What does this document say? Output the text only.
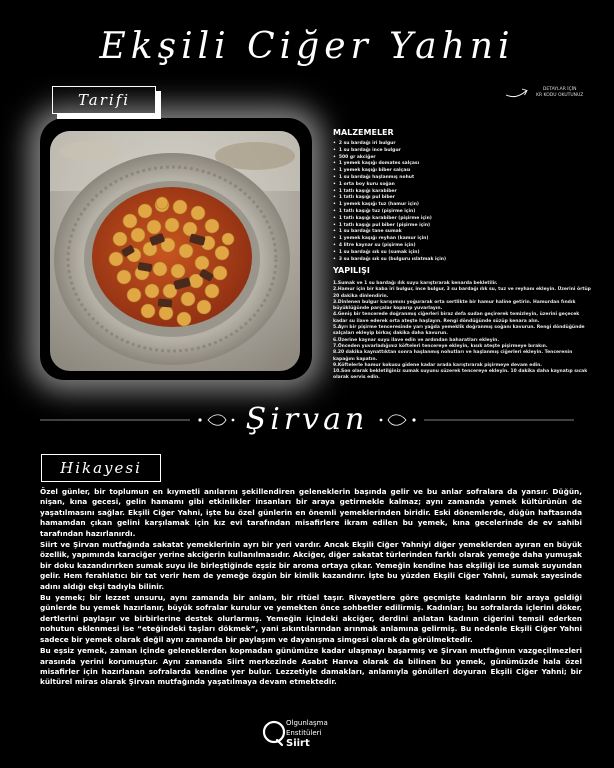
Ekşili Ciğer Yahni
Tarifi
DETAYLAR İÇİN
KR KODU OKUTUNUZ
MALZEMELER
• 2 su bardağı iri bulgur
• 1 su bardağı ince bulgur
• 500 gr akciğer
• 1 yemek kaşığı domates salçası
• 1 yemek kaşığı biber salçası
• 1 su bardağı haşlanmış nohut
• 1 orta boy kuru soğan
• 1 tatlı kaşığı karabiber
• 1 tatlı kaşığı pul biber
• 1 yemek kaşığı tuz (hamur için)
• 1 tatlı kaşığı tuz (pişirme için)
• 1 tatlı kaşığı karabiber (pişirme için)
• 1 tatlı kaşığı pul biber (pişirme için)
• 1 su bardağı tane sumak
• 1 yemek kaşığı reyhan (kamur için)
• 4 litre kaynar su (pişirme için)
• 1 su bardağı sık su (sumak için)
• 3 su bardağı sık su (bulguru ıslatmak için)
YAPILIŞI
1.Sumak ve 1 su bardağı ılık suyu karıştırarak kenarda bekletilir.
2.Hamur için bir kaba iri bulgur, ince bulgur, 3 su bardağı ılık su, tuz ve reyhanı ekleyin. Üzerini örtüp 20 dakika dinlendirin.
3.Dinlenen bulgur karışımını yoğurarak orta sertlikte bir hamur haline getirin. Hamurdan fındık büyüklüğünde parçalar koparıp yuvarlayın.
4.Geniş bir tencerede doğranmış ciğerleri biraz defa sudan geçirerek temizleyin, üzerini geçecek kadar su ilave ederek orta ateşte haşlayın. Rengi döndüğünde süzüp kenara alın.
5.Ayrı bir pişirme tenceresinde yarı yağda yemeklik doğranmış soğanı kavurun. Rengi döndüğünde salçaları ekleyip birkaç dakika daha kavurun.
6.Üzerine kaynar suyu ilave edin ve ardından baharatları ekleyin.
7.Önceden yuvarladığınız köfteleri tencereye ekleyin, kısık ateşte pişirmeye bırakın.
8.20 dakika kaynattıktan sonra haşlanmış nohutları ve haşlanmış ciğerleri ekleyin. Tencerenin kapağını kapatın.
9.Köftelerle hamur kokusu gidene kadar arada karıştırarak pişirmeye devam edin.
10.Son olarak bekletilğiniz sumak suyunu süzerek tencereye ekleyin. 10 dakika daha kaynatıp sıcak olarak servis edin.
Şirvan
Hikayesi

Özel günler, bir toplumun en kıymetli anılarını şekillendiren geleneklerin başında gelir ve bu anlar sofralara da yansır. Düğün, nişan, kına gecesi, gelin hamamı gibi etkinlikler insanları bir araya getirmekle kalmaz; aynı zamanda yemek kültürünün de yaşatılmasını sağlar. Ekşili Ciğer Yahni, işte bu özel günlerin en önemli yemeklerinden biridir. Eski dönemlerde, düğün haftasında hamamdan çıkan gelini karşılamak için kız evi tarafından misafirlere ikram edilen bu yemek, kına gecelerinde de ev sahibi tarafından hazırlanırdı.

Siirt ve Şirvan mutfağında sakatat yemeklerinin ayrı bir yeri vardır. Ancak Ekşili Ciğer Yahniyi diğer yemeklerden ayıran en büyük özellik, yapımında karaciğer yerine akciğerin kullanılmasıdır. Akciğer, diğer sakatat türlerinden farklı olarak yemeğe daha yumuşak bir doku kazandırırken sumak suyu ile birleştiğinde eşsiz bir aroma ortaya çıkar. Yemeğin kendine has ekşiliği ise sumak suyundan gelir. Hem ferahlatıcı bir tat verir hem de yemeğe özgün bir kimlik kazandırır. İşte bu yüzden Ekşili Ciğer Yahni, sumak sayesinde adını aldığı ekşi tadıyla bilinir.

Bu yemek; bir lezzet unsuru, aynı zamanda bir anlam, bir ritüel taşır. Rivayetlere göre geçmişte kadınların bir araya geldiği günlerde bu yemek hazırlanır, büyük sofralar kurulur ve yemekten önce sohbetler edilirmiş. Kadınlar; bu sofralarda içlerini döker, dertlerini paylaşır ve birbirlerine destek olurlarmış. Yemeğin içindeki akciğer, derdini anlatan kadının ciğerini temsil ederken nohutun eklenmesi ise “eteğindeki taşları dökmek”, yani sıkıntılarından arınmak anlamına gelirmiş. Bu nedenle Ekşili Ciğer Yahni sadece bir yemek olarak değil aynı zamanda bir paylaşım ve dayanışma simgesi olarak da görülmektedir.

Bu eşsiz yemek, zaman içinde geleneklerden kopmadan günümüze kadar ulaşmayı başarmış ve Şirvan mutfağının vazgeçilmezleri arasında yerini korumuştur. Aynı zamanda Siirt merkezinde Asabıt Hanva olarak da bilinen bu yemek, günümüzde hala özel misafirler için hazırlanan sofralarda kendine yer bulur. Lezzetiyle damakları, anlamıyla gönülleri doyuran Ekşili Ciğer Yahni; bir kültürel miras olarak Şirvan mutfağında yaşatılmaya devam etmektedir.

Olgunlaşma
Enstitüleri
Siirt
